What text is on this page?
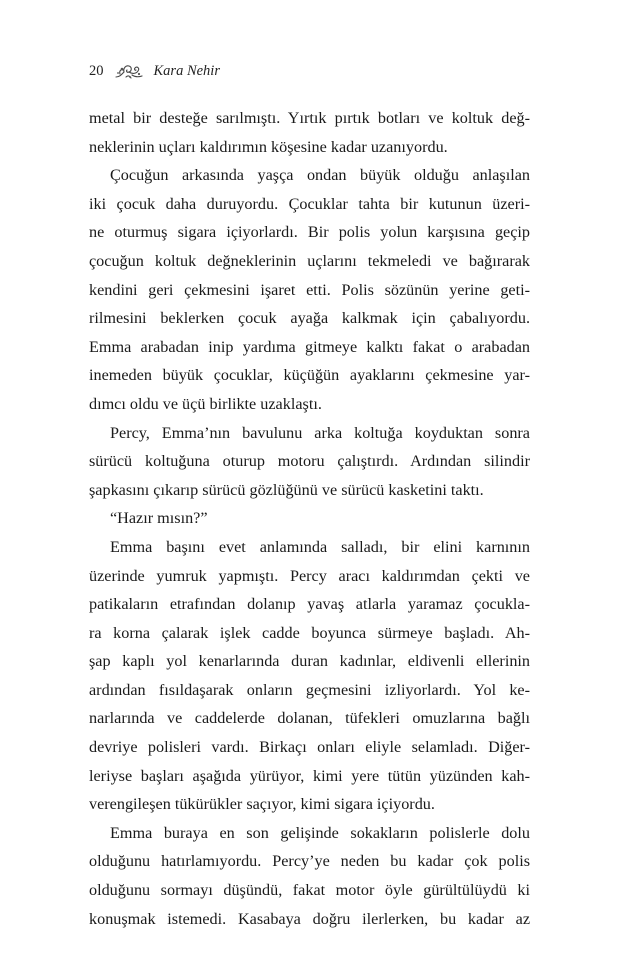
20	Kara Nehir
metal bir desteğe sarılmıştı. Yırtık pırtık botları ve koltuk değ-
neklerinin uçları kaldırımın köşesine kadar uzanıyordu.
Çocuğun arkasında yaşça ondan büyük olduğu anlaşılan
iki çocuk daha duruyordu. Çocuklar tahta bir kutunun üzeri-
ne oturmuş sigara içiyorlardı. Bir polis yolun karşısına geçip
çocuğun koltuk değneklerinin uçlarını tekmeledi ve bağırarak
kendini geri çekmesini işaret etti. Polis sözünün yerine geti-
rilmesini beklerken çocuk ayağa kalkmak için çabalıyordu.
Emma arabadan inip yardıma gitmeye kalktı fakat o arabadan
inemeden büyük çocuklar, küçüğün ayaklarını çekmesine yar-
dımcı oldu ve üçü birlikte uzaklaştı.
Percy, Emma’nın bavulunu arka koltuğa koyduktan sonra
sürücü koltuğuna oturup motoru çalıştırdı. Ardından silindir
şapkasını çıkarıp sürücü gözlüğünü ve sürücü kasketini taktı.
“Hazır mısın?”
Emma başını evet anlamında salladı, bir elini karnının
üzerinde yumruk yapmıştı. Percy aracı kaldırımdan çekti ve
patikaların etrafından dolanıp yavaş atlarla yaramaz çocukla-
ra korna çalarak işlek cadde boyunca sürmeye başladı. Ah-
şap kaplı yol kenarlarında duran kadınlar, eldivenli ellerinin
ardından fısıldaşarak onların geçmesini izliyorlardı. Yol ke-
narlarında ve caddelerde dolanan, tüfekleri omuzlarına bağlı
devriye polisleri vardı. Birkaçı onları eliyle selamladı. Diğer-
leriyse başları aşağıda yürüyor, kimi yere tütün yüzünden kah-
verengileşen tükürükler saçıyor, kimi sigara içiyordu.
Emma buraya en son gelişinde sokakların polislerle dolu
olduğunu hatırlamıyordu. Percy’ye neden bu kadar çok polis
olduğunu sormayı düşündü, fakat motor öyle gürültülüydü ki
konuşmak istemedi. Kasabaya doğru ilerlerken, bu kadar az
